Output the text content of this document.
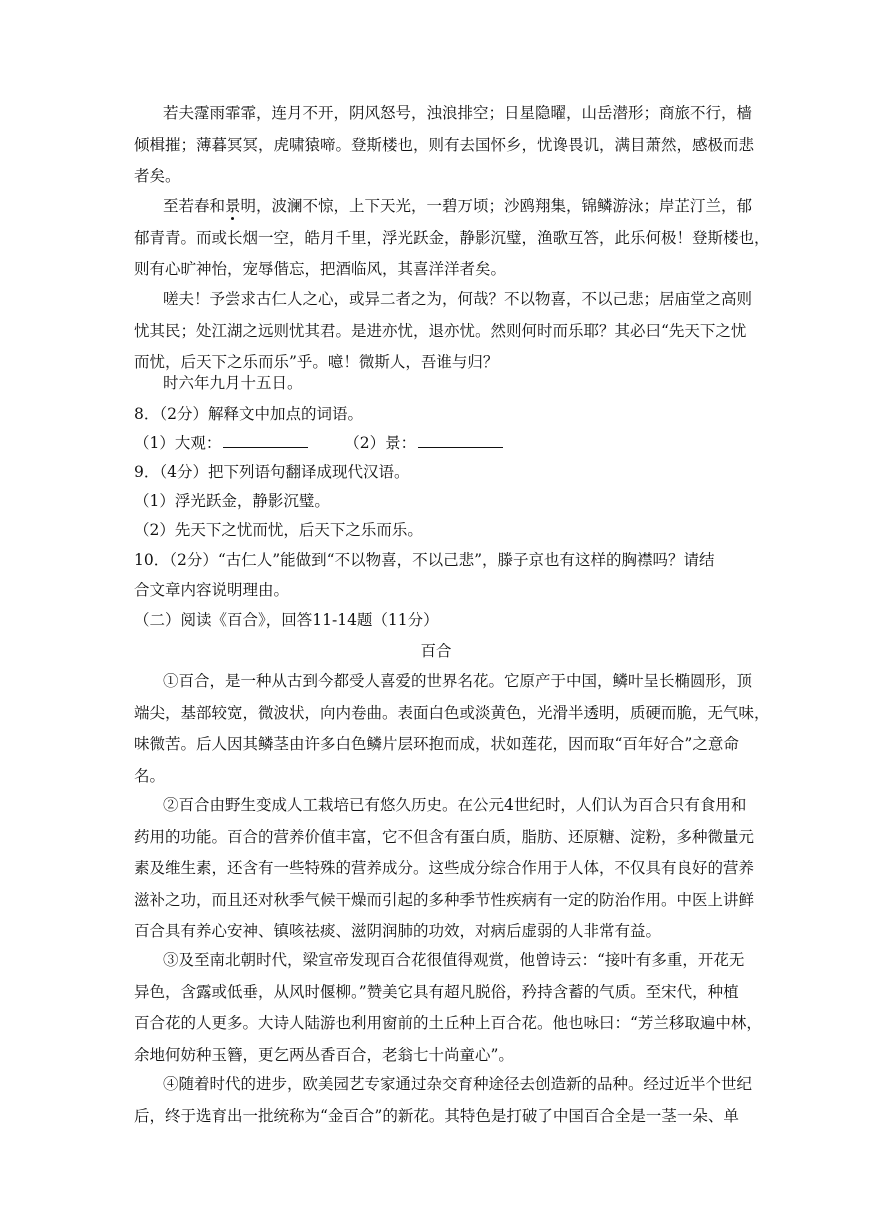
若夫霪雨霏霏，连月不开，阴风怒号，浊浪排空；日星隐曜，山岳潜形；商旅不行，樯
倾楫摧；薄暮冥冥，虎啸猿啼。登斯楼也，则有去国怀乡，忧谗畏讥，满目萧然，感极而悲
者矣。
至若春和景明，波澜不惊，上下天光，一碧万顷；沙鸥翔集，锦鳞游泳；岸芷汀兰，郁
郁青青。而或长烟一空，皓月千里，浮光跃金，静影沉璧，渔歌互答，此乐何极！登斯楼也，
则有心旷神怡，宠辱偕忘，把酒临风，其喜洋洋者矣。
嗟夫！予尝求古仁人之心，或异二者之为，何哉？不以物喜，不以己悲；居庙堂之高则
忧其民；处江湖之远则忧其君。是进亦忧，退亦忧。然则何时而乐耶？其必曰“先天下之忧
而忧，后天下之乐而乐”乎。噫！微斯人，吾谁与归？
时六年九月十五日。
8．（2分）解释文中加点的词语。
（1）大观：	（2）景：
9．（4分）把下列语句翻译成现代汉语。
（1）浮光跃金，静影沉璧。
（2）先天下之忧而忧，后天下之乐而乐。
10．（2分）“古仁人”能做到“不以物喜，不以己悲”，滕子京也有这样的胸襟吗？请结
合文章内容说明理由。
（二）阅读《百合》，回答11-14题（11分）
百合
①百合，是一种从古到今都受人喜爱的世界名花。它原产于中国，鳞叶呈长椭圆形，顶
端尖，基部较宽，微波状，向内卷曲。表面白色或淡黄色，光滑半透明，质硬而脆，无气味，
味微苦。后人因其鳞茎由许多白色鳞片层环抱而成，状如莲花，因而取“百年好合”之意命
名。
②百合由野生变成人工栽培已有悠久历史。在公元4世纪时，人们认为百合只有食用和
药用的功能。百合的营养价值丰富，它不但含有蛋白质，脂肪、还原糖、淀粉，多种微量元
素及维生素，还含有一些特殊的营养成分。这些成分综合作用于人体，不仅具有良好的营养
滋补之功，而且还对秋季气候干燥而引起的多种季节性疾病有一定的防治作用。中医上讲鲜
百合具有养心安神、镇咳祛痰、滋阴润肺的功效，对病后虚弱的人非常有益。
③及至南北朝时代，梁宣帝发现百合花很值得观赏，他曾诗云：“接叶有多重，开花无
异色，含露或低垂，从风时偃柳。”赞美它具有超凡脱俗，矜持含蓄的气质。至宋代，种植
百合花的人更多。大诗人陆游也利用窗前的土丘种上百合花。他也咏曰：“芳兰移取遍中林，
余地何妨种玉簪，更乞两丛香百合，老翁七十尚童心”。
④随着时代的进步，欧美园艺专家通过杂交育种途径去创造新的品种。经过近半个世纪
后，终于选育出一批统称为“金百合”的新花。其特色是打破了中国百合全是一茎一朵、单
